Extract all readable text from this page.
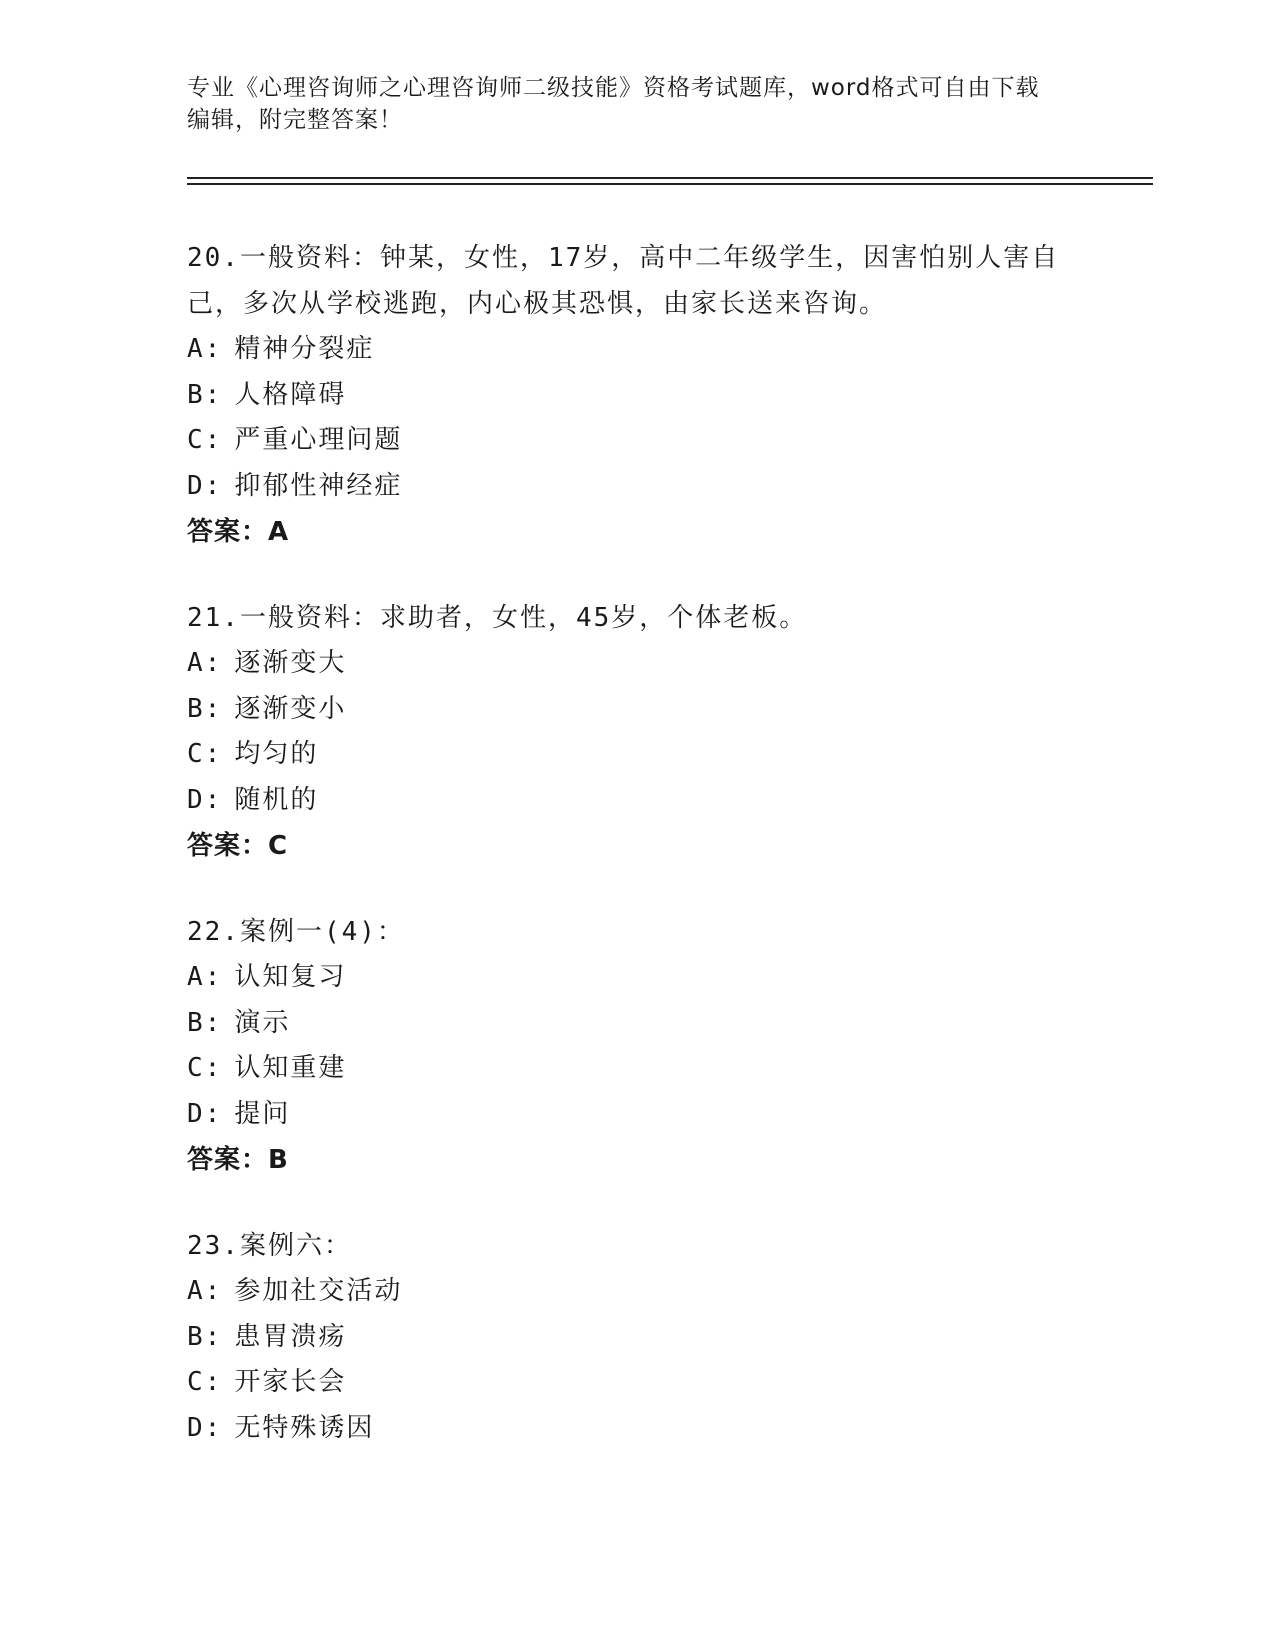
专业《心理咨询师之心理咨询师二级技能》资格考试题库，word格式可自由下载
编辑，附完整答案！

20.一般资料：钟某，女性，17岁，高中二年级学生，因害怕别人害自

己，多次从学校逃跑，内心极其恐惧，由家长送来咨询。

A: 精神分裂症

B: 人格障碍

C: 严重心理问题

D: 抑郁性神经症

答案：A

21.一般资料：求助者，女性，45岁，个体老板。

A: 逐渐变大

B: 逐渐变小

C: 均匀的

D: 随机的

答案：C

22.案例一(4)：

A: 认知复习

B: 演示

C: 认知重建

D: 提问

答案：B

23.案例六：

A: 参加社交活动

B: 患胃溃疡

C: 开家长会

D: 无特殊诱因
